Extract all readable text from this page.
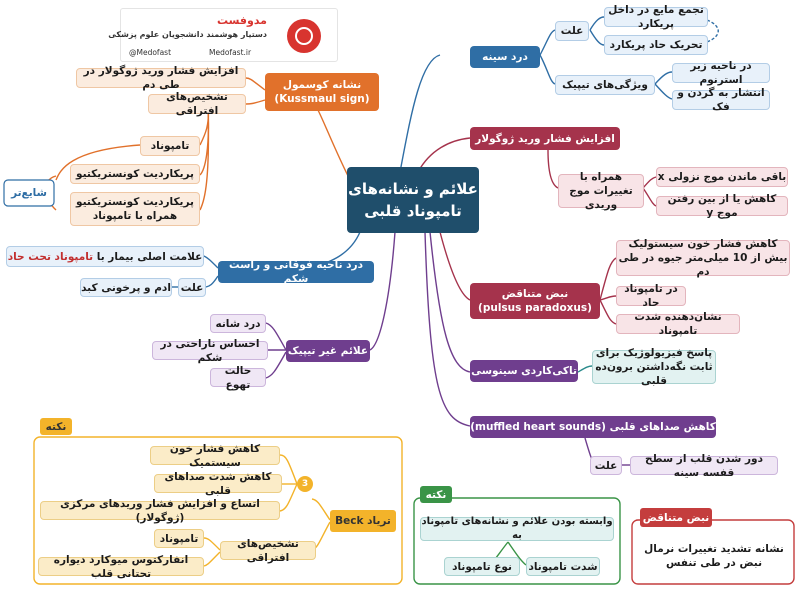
مدوفست
دستیار هوشمند دانشجویان علوم پزشکی
@Medofast	Medofast.ir
علائم و نشانه‌های
تامپوناد قلبی
درد سینه
علت
تجمع مایع در داخل پریکارد
تحریک حاد پریکارد
ویژگی‌های تیپیک
در ناحیه زیر استرنوم
انتشار به گردن و فک
افزایش فشار ورید ژوگولار
همراه با تغییرات موج وریدی
باقی ماندن موج نزولی x
کاهش یا از بین رفتن موج y
نبض متناقض
(pulsus paradoxus)
کاهش فشار خون سیستولیک بیش از 10 میلی‌متر جیوه در طی دم
در تامپوناد حاد
نشان‌دهنده شدت تامپوناد
تاکی‌کاردی سینوسی
پاسخ فیزیولوژیک برای ثابت نگه‌داشتن برون‌ده قلبی
کاهش صداهای قلبی (muffled heart sounds)
علت
دور شدن قلب از سطح قفسه سینه
نشانه کوسمول
(Kussmaul sign)
افزایش فشار ورید ژوگولار در طی دم
تشخیص‌های افتراقی
تامپوناد
پریکاردیت کونستریکتیو
پریکاردیت کونستریکتیو همراه با تامپوناد
شایع‌تر
درد ناحیه فوقانی و راست شکم
علامت اصلی بیمار با

تامپوناد تحت حاد
علت
ادم و پرخونی کبد
علائم غیر تیپیک
درد شانه
احساس ناراحتی در شکم
حالت تهوع
نکته
تریاد Beck
3
کاهش فشار خون سیستمیک
کاهش شدت صداهای قلبی
اتساع و افزایش فشار وریدهای مرکزی (ژوگولار)
تشخیص‌های افتراقی
تامپوناد
انفارکتوس میوکارد دیواره تحتانی قلب
نکته
وابسته بودن علائم و نشانه‌های تامپوناد به
شدت تامپوناد
نوع تامپوناد
نبض متناقض
نشانه تشدید تغییرات نرمال نبض در طی تنفس
